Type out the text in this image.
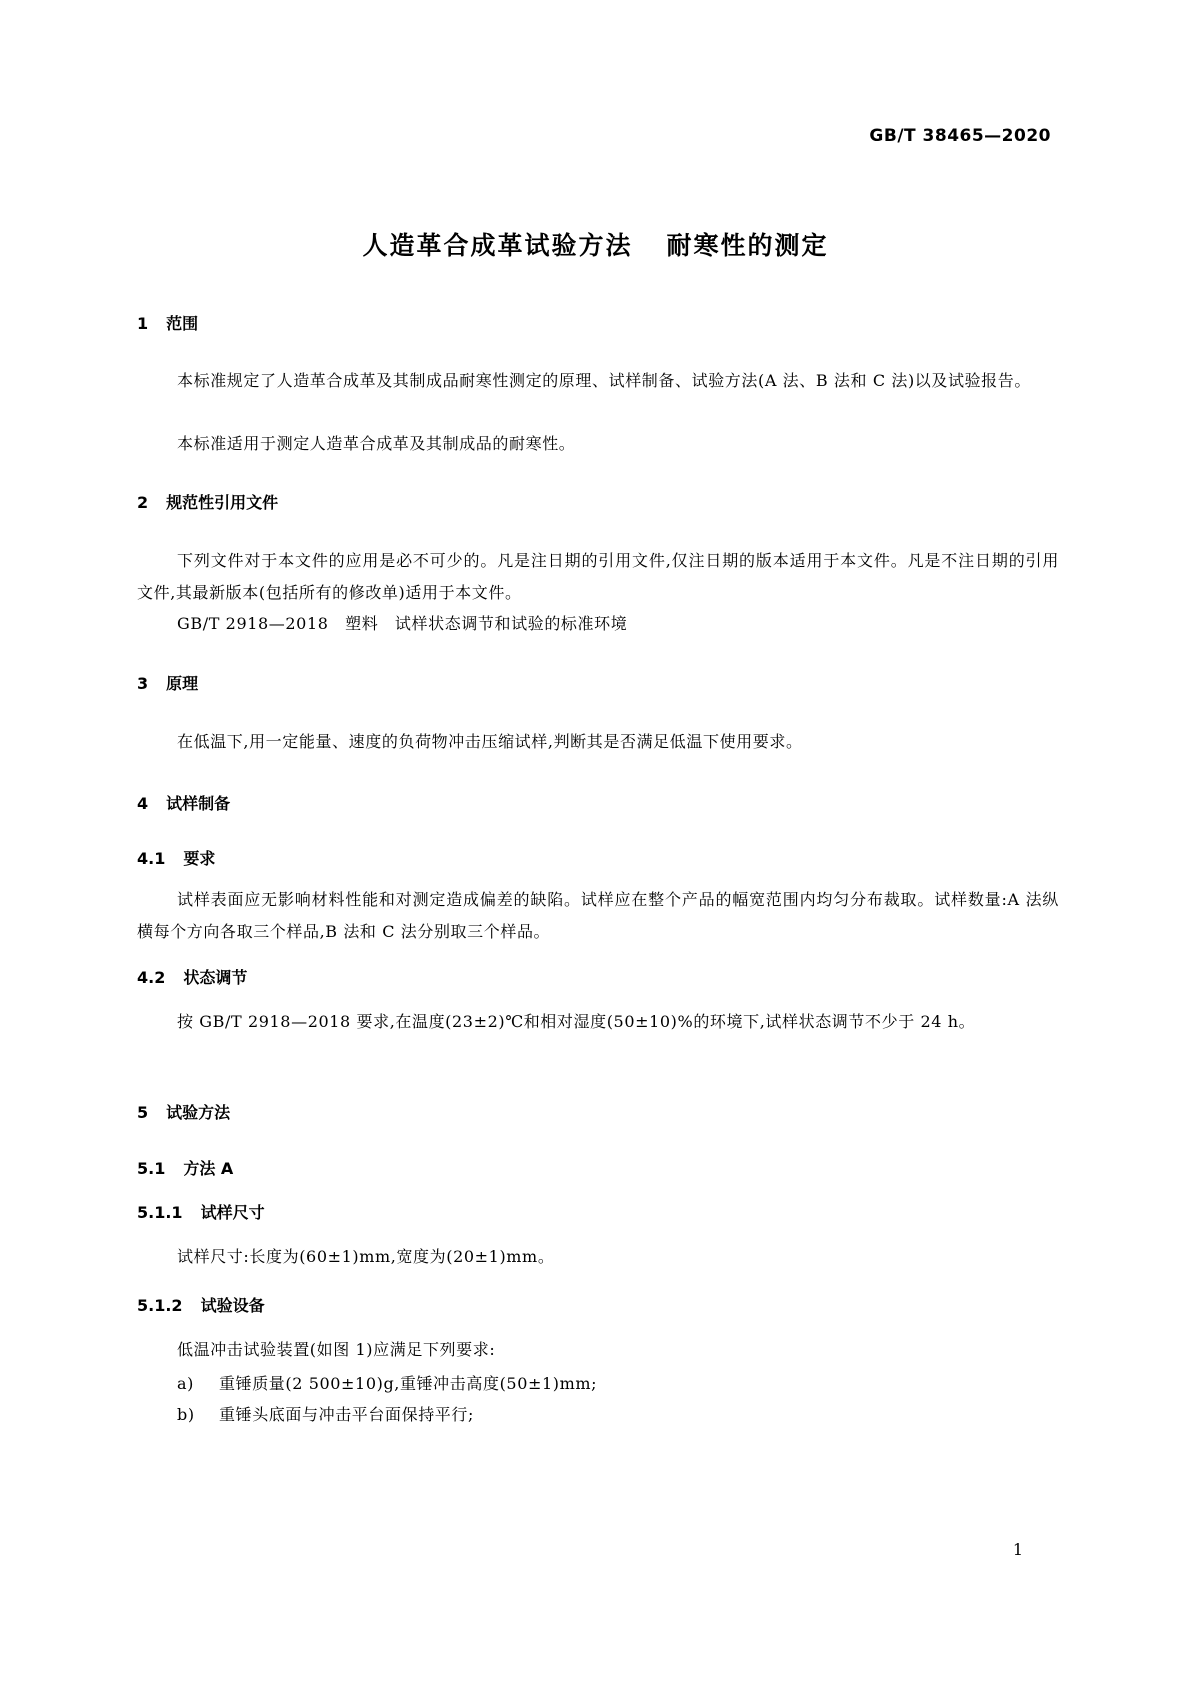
GB/T 38465—2020
人造革合成革试验方法 耐寒性的测定
1 范围
本标准规定了人造革合成革及其制成品耐寒性测定的原理、试样制备、试验方法(A 法、B 法和 C 法)以及试验报告。
本标准适用于测定人造革合成革及其制成品的耐寒性。
2 规范性引用文件
下列文件对于本文件的应用是必不可少的。凡是注日期的引用文件,仅注日期的版本适用于本文件。凡是不注日期的引用文件,其最新版本(包括所有的修改单)适用于本文件。
GB/T 2918—2018　塑料　试样状态调节和试验的标准环境
3 原理
在低温下,用一定能量、速度的负荷物冲击压缩试样,判断其是否满足低温下使用要求。
4 试样制备
4.1 要求
试样表面应无影响材料性能和对测定造成偏差的缺陷。试样应在整个产品的幅宽范围内均匀分布裁取。试样数量:A 法纵横每个方向各取三个样品,B 法和 C 法分别取三个样品。
4.2 状态调节
按 GB/T 2918—2018 要求,在温度(23±2)℃和相对湿度(50±10)%的环境下,试样状态调节不少于 24 h。
5 试验方法
5.1 方法 A
5.1.1 试样尺寸
试样尺寸:长度为(60±1)mm,宽度为(20±1)mm。
5.1.2 试验设备
低温冲击试验装置(如图 1)应满足下列要求:
a) 重锤质量(2 500±10)g,重锤冲击高度(50±1)mm;
b) 重锤头底面与冲击平台面保持平行;
1
